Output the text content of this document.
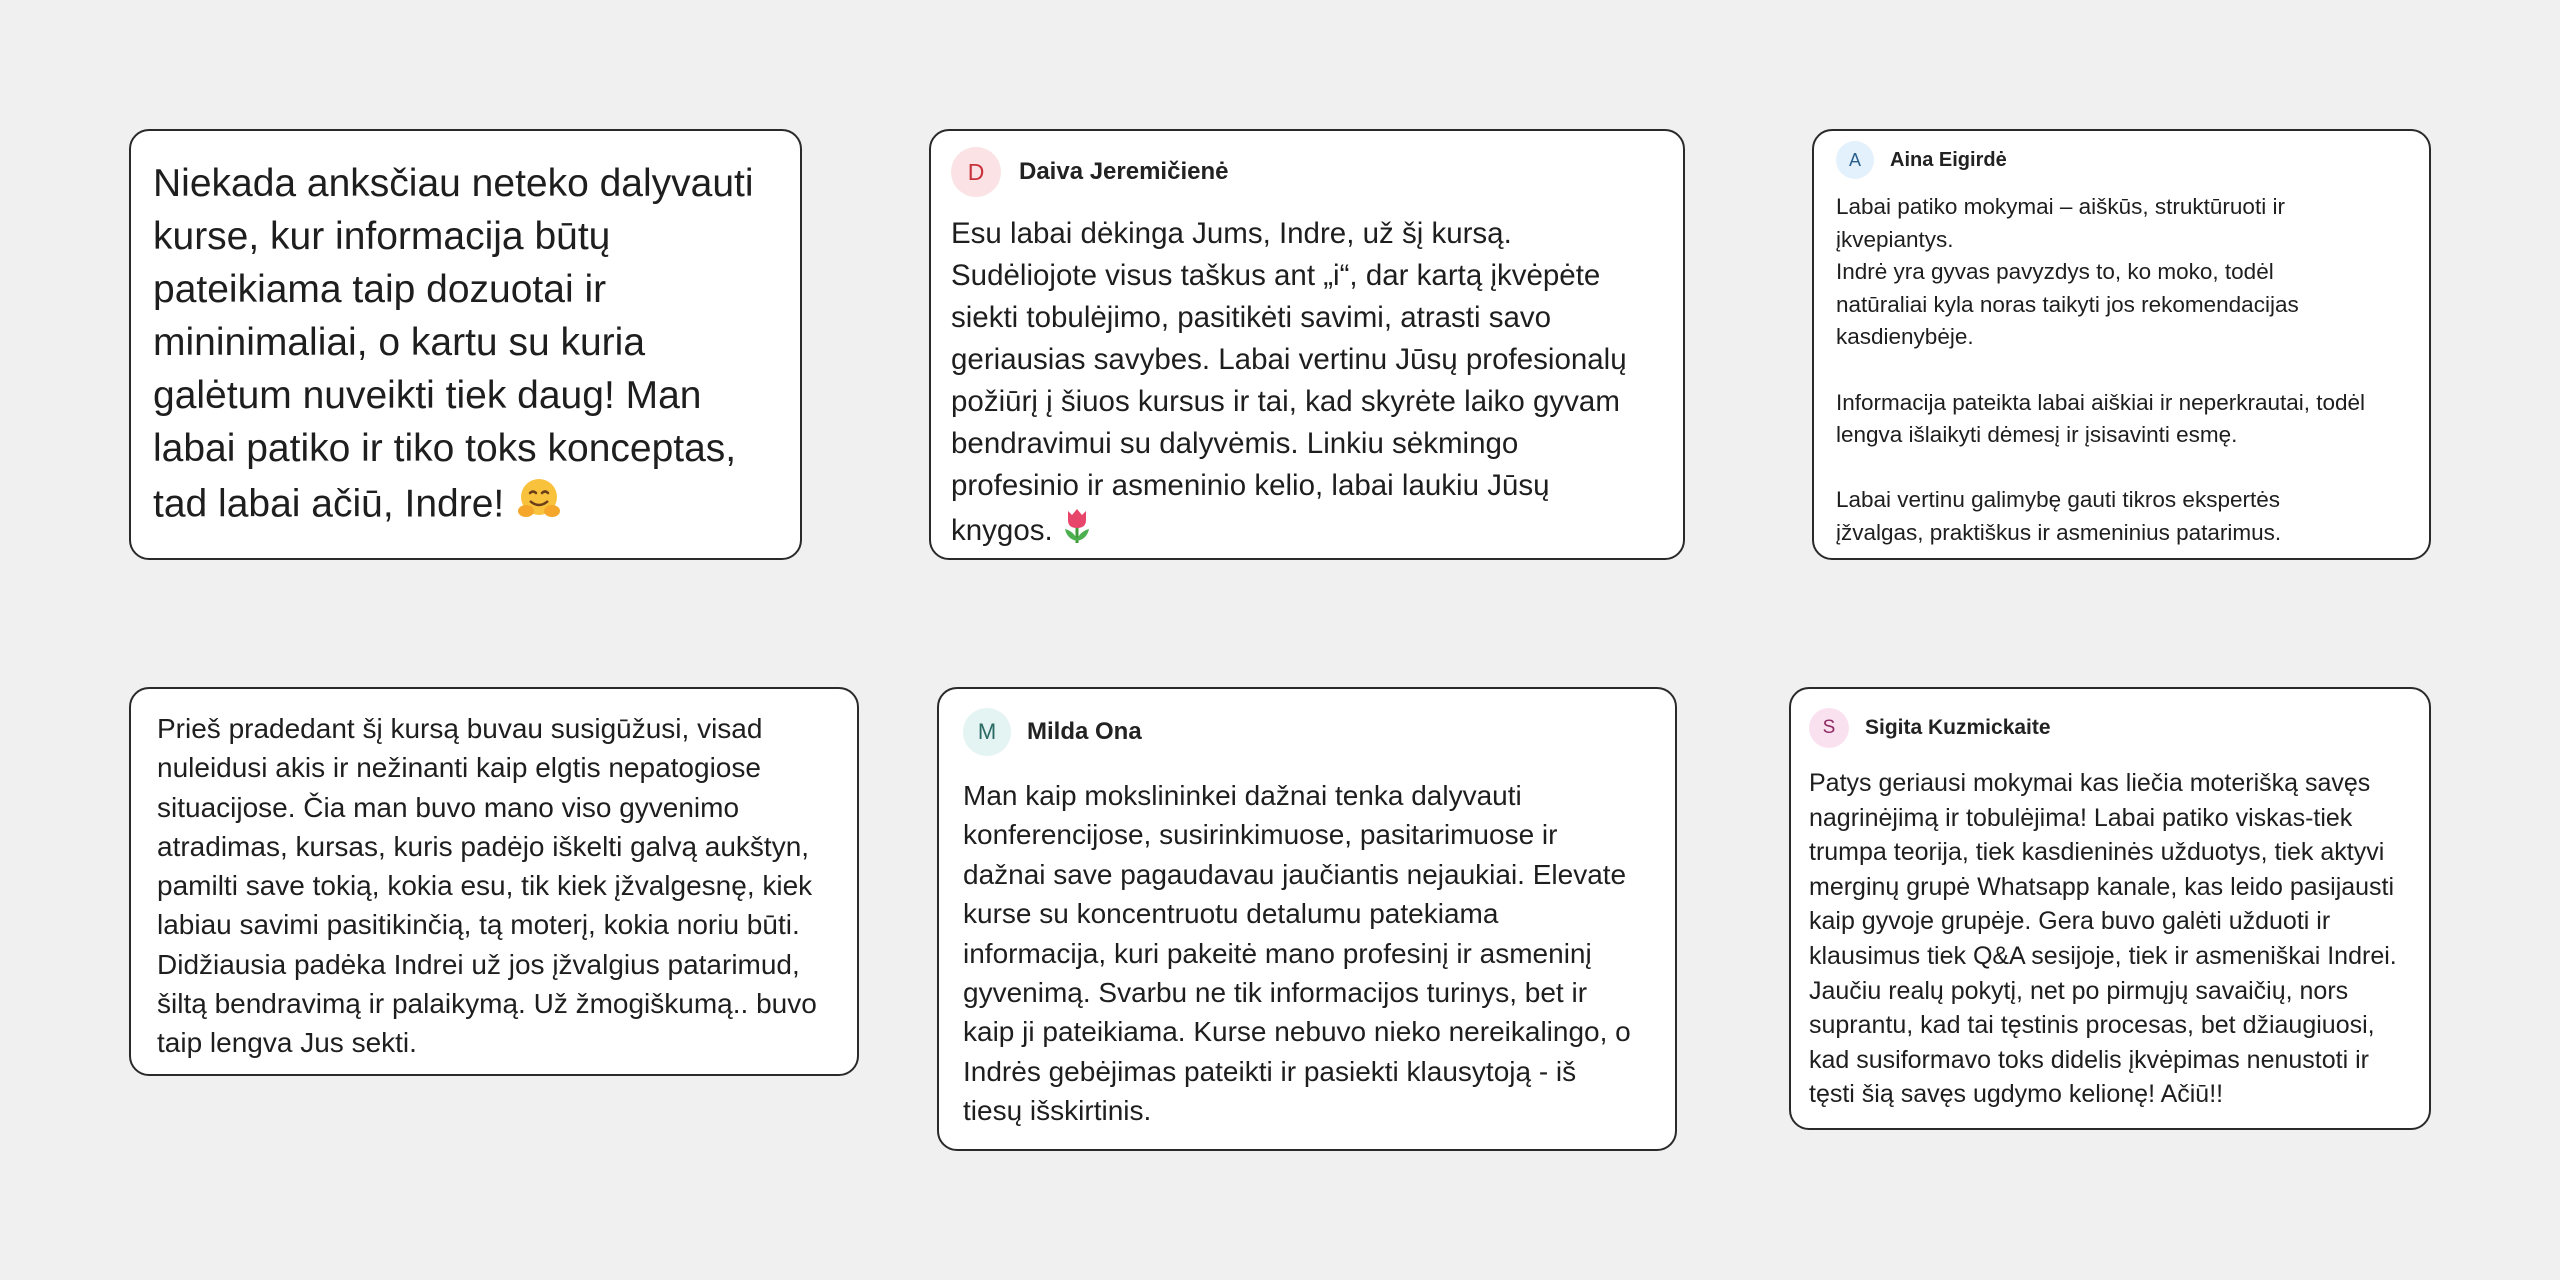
Niekada anksčiau neteko dalyvauti
kurse, kur informacija būtų
pateikiama taip dozuotai ir
mininimaliai, o kartu su kuria
galėtum nuveikti tiek daug! Man
labai patiko ir tiko toks konceptas,
tad labai ačiū, Indre!

D	Daiva Jeremičienė

Esu labai dėkinga Jums, Indre, už šį kursą.
Sudėliojote visus taškus ant „i“, dar kartą įkvėpėte
siekti tobulėjimo, pasitikėti savimi, atrasti savo
geriausias savybes. Labai vertinu Jūsų profesionalų
požiūrį į šiuos kursus ir tai, kad skyrėte laiko gyvam
bendravimui su dalyvėmis. Linkiu sėkmingo
profesinio ir asmeninio kelio, labai laukiu Jūsų
knygos.

A	Aina Eigirdė

Labai patiko mokymai – aiškūs, struktūruoti ir
įkvepiantys.
Indrė yra gyvas pavyzdys to, ko moko, todėl
natūraliai kyla noras taikyti jos rekomendacijas
kasdienybėje.

Informacija pateikta labai aiškiai ir neperkrautai, todėl
lengva išlaikyti dėmesį ir įsisavinti esmę.

Labai vertinu galimybę gauti tikros ekspertės
įžvalgas, praktiškus ir asmeninius patarimus.

Prieš pradedant šį kursą buvau susigūžusi, visad
nuleidusi akis ir nežinanti kaip elgtis nepatogiose
situacijose. Čia man buvo mano viso gyvenimo
atradimas, kursas, kuris padėjo iškelti galvą aukštyn,
pamilti save tokią, kokia esu, tik kiek įžvalgesnę, kiek
labiau savimi pasitikinčią, tą moterį, kokia noriu būti.
Didžiausia padėka Indrei už jos įžvalgius patarimud,
šiltą bendravimą ir palaikymą. Už žmogiškumą.. buvo
taip lengva Jus sekti.

M	Milda Ona

Man kaip mokslininkei dažnai tenka dalyvauti
konferencijose, susirinkimuose, pasitarimuose ir
dažnai save pagaudavau jaučiantis nejaukiai. Elevate
kurse su koncentruotu detalumu patekiama
informacija, kuri pakeitė mano profesinį ir asmeninį
gyvenimą. Svarbu ne tik informacijos turinys, bet ir
kaip ji pateikiama. Kurse nebuvo nieko nereikalingo, o
Indrės gebėjimas pateikti ir pasiekti klausytoją - iš
tiesų išskirtinis.

S	Sigita Kuzmickaite

Patys geriausi mokymai kas liečia moterišką savęs
nagrinėjimą ir tobulėjima! Labai patiko viskas-tiek
trumpa teorija, tiek kasdieninės užduotys, tiek aktyvi
merginų grupė Whatsapp kanale, kas leido pasijausti
kaip gyvoje grupėje. Gera buvo galėti užduoti ir
klausimus tiek Q&A sesijoje, tiek ir asmeniškai Indrei.
Jaučiu realų pokytį, net po pirmųjų savaičių, nors
suprantu, kad tai tęstinis procesas, bet džiaugiuosi,
kad susiformavo toks didelis įkvėpimas nenustoti ir
tęsti šią savęs ugdymo kelionę! Ačiū!!
